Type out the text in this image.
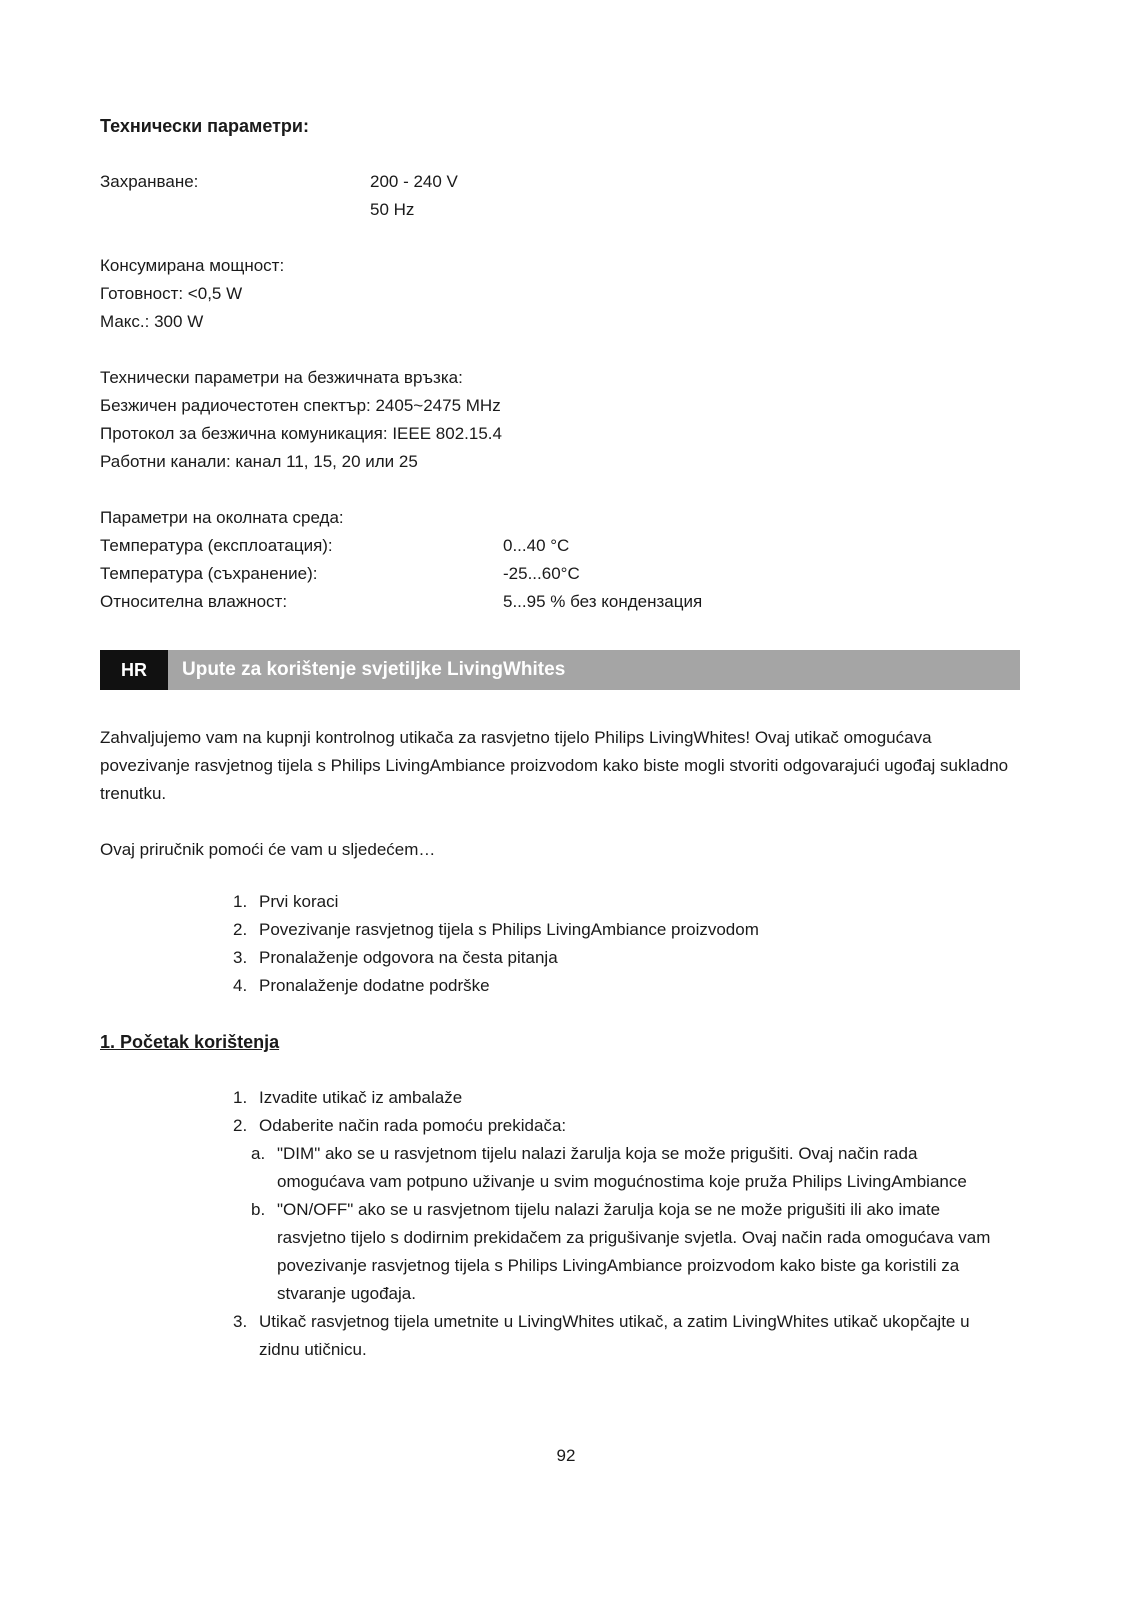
Технически параметри:
Захранване:	200 - 240 V
50 Hz
Консумирана мощност:
Готовност: <0,5 W
Макс.: 300 W
Технически параметри на безжичната връзка:
Безжичен радиочестотен спектър: 2405~2475 MHz
Протокол за безжична комуникация: IEEE 802.15.4
Работни канали: канал 11, 15, 20 или 25
Параметри на околната среда:
Температура (експлоатация):	0...40 °C
Температура (съхранение):	-25...60°C
Относителна влажност:	5...95 % без кондензация
HR	Upute za korištenje svjetiljke LivingWhites
Zahvaljujemo vam na kupnji kontrolnog utikača za rasvjetno tijelo Philips LivingWhites! Ovaj utikač omogućava povezivanje rasvjetnog tijela s Philips LivingAmbiance proizvodom kako biste mogli stvoriti odgovarajući ugođaj sukladno trenutku.
Ovaj priručnik pomoći će vam u sljedećem…
1. Prvi koraci
2. Povezivanje rasvjetnog tijela s Philips LivingAmbiance proizvodom
3. Pronalaženje odgovora na česta pitanja
4. Pronalaženje dodatne podrške
1. Početak korištenja
1. Izvadite utikač iz ambalaže
2. Odaberite način rada pomoću prekidača:
a. "DIM" ako se u rasvjetnom tijelu nalazi žarulja koja se može prigušiti. Ovaj način rada omogućava vam potpuno uživanje u svim mogućnostima koje pruža Philips LivingAmbiance
b. "ON/OFF" ako se u rasvjetnom tijelu nalazi žarulja koja se ne može prigušiti ili ako imate rasvjetno tijelo s dodirnim prekidačem za prigušivanje svjetla. Ovaj način rada omogućava vam povezivanje rasvjetnog tijela s Philips LivingAmbiance proizvodom kako biste ga koristili za stvaranje ugođaja.
3. Utikač rasvjetnog tijela umetnite u LivingWhites utikač, a zatim LivingWhites utikač ukopčajte u zidnu utičnicu.
92
